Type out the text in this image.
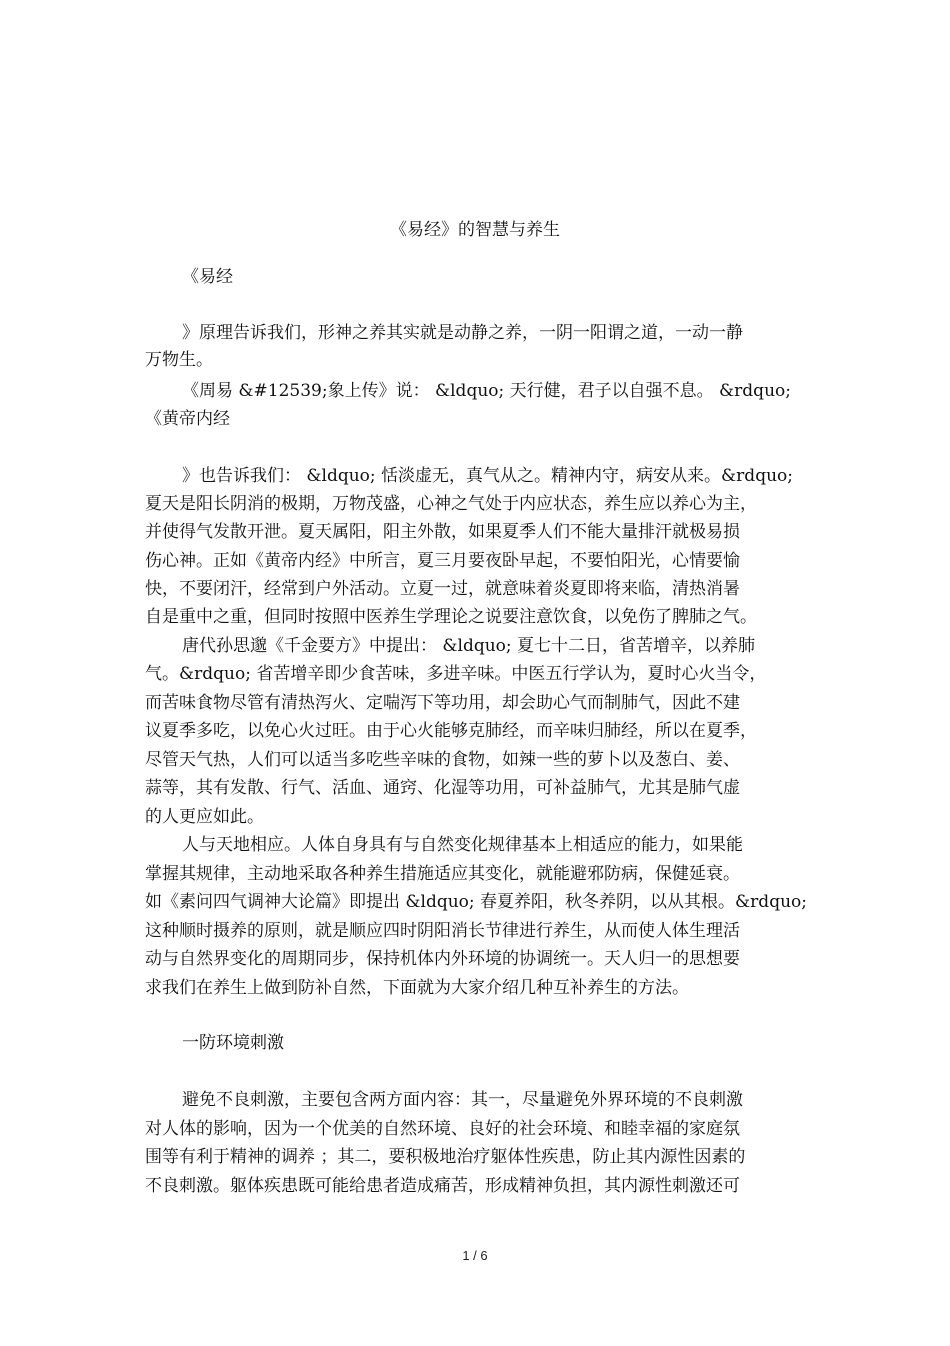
《易经》的智慧与养生
《易经
》原理告诉我们，形神之养其实就是动静之养，一阴一阳谓之道，一动一静
万物生。
《周易 &#12539;象上传》说： &ldquo; 天行健，君子以自强不息。 &rdquo;
《黄帝内经
》也告诉我们： &ldquo; 恬淡虚无，真气从之。精神内守，病安从来。&rdquo;
夏天是阳长阴消的极期，万物茂盛，心神之气处于内应状态，养生应以养心为主，
并使得气发散开泄。夏天属阳，阳主外散，如果夏季人们不能大量排汗就极易损
伤心神。正如《黄帝内经》中所言，夏三月要夜卧早起，不要怕阳光，心情要愉
快，不要闭汗，经常到户外活动。立夏一过，就意味着炎夏即将来临，清热消暑
自是重中之重，但同时按照中医养生学理论之说要注意饮食，以免伤了脾肺之气。
唐代孙思邈《千金要方》中提出： &ldquo; 夏七十二日，省苦增辛，以养肺
气。&rdquo; 省苦增辛即少食苦味，多进辛味。中医五行学认为，夏时心火当令，
而苦味食物尽管有清热泻火、定喘泻下等功用，却会助心气而制肺气，因此不建
议夏季多吃，以免心火过旺。由于心火能够克肺经，而辛味归肺经，所以在夏季，
尽管天气热，人们可以适当多吃些辛味的食物，如辣一些的萝卜以及葱白、姜、
蒜等，其有发散、行气、活血、通窍、化湿等功用，可补益肺气，尤其是肺气虚
的人更应如此。
人与天地相应。人体自身具有与自然变化规律基本上相适应的能力，如果能
掌握其规律，主动地采取各种养生措施适应其变化，就能避邪防病，保健延衰。
如《素问四气调神大论篇》即提出 &ldquo; 春夏养阳，秋冬养阴，以从其根。&rdquo;
这种顺时摄养的原则，就是顺应四时阴阳消长节律进行养生，从而使人体生理活
动与自然界变化的周期同步，保持机体内外环境的协调统一。天人归一的思想要
求我们在养生上做到防补自然，下面就为大家介绍几种互补养生的方法。
一防环境刺激
避免不良刺激，主要包含两方面内容：其一，尽量避免外界环境的不良刺激
对人体的影响，因为一个优美的自然环境、良好的社会环境、和睦幸福的家庭氛
围等有利于精神的调养 ；其二，要积极地治疗躯体性疾患，防止其内源性因素的
不良刺激。躯体疾患既可能给患者造成痛苦，形成精神负担，其内源性刺激还可
1 / 6
